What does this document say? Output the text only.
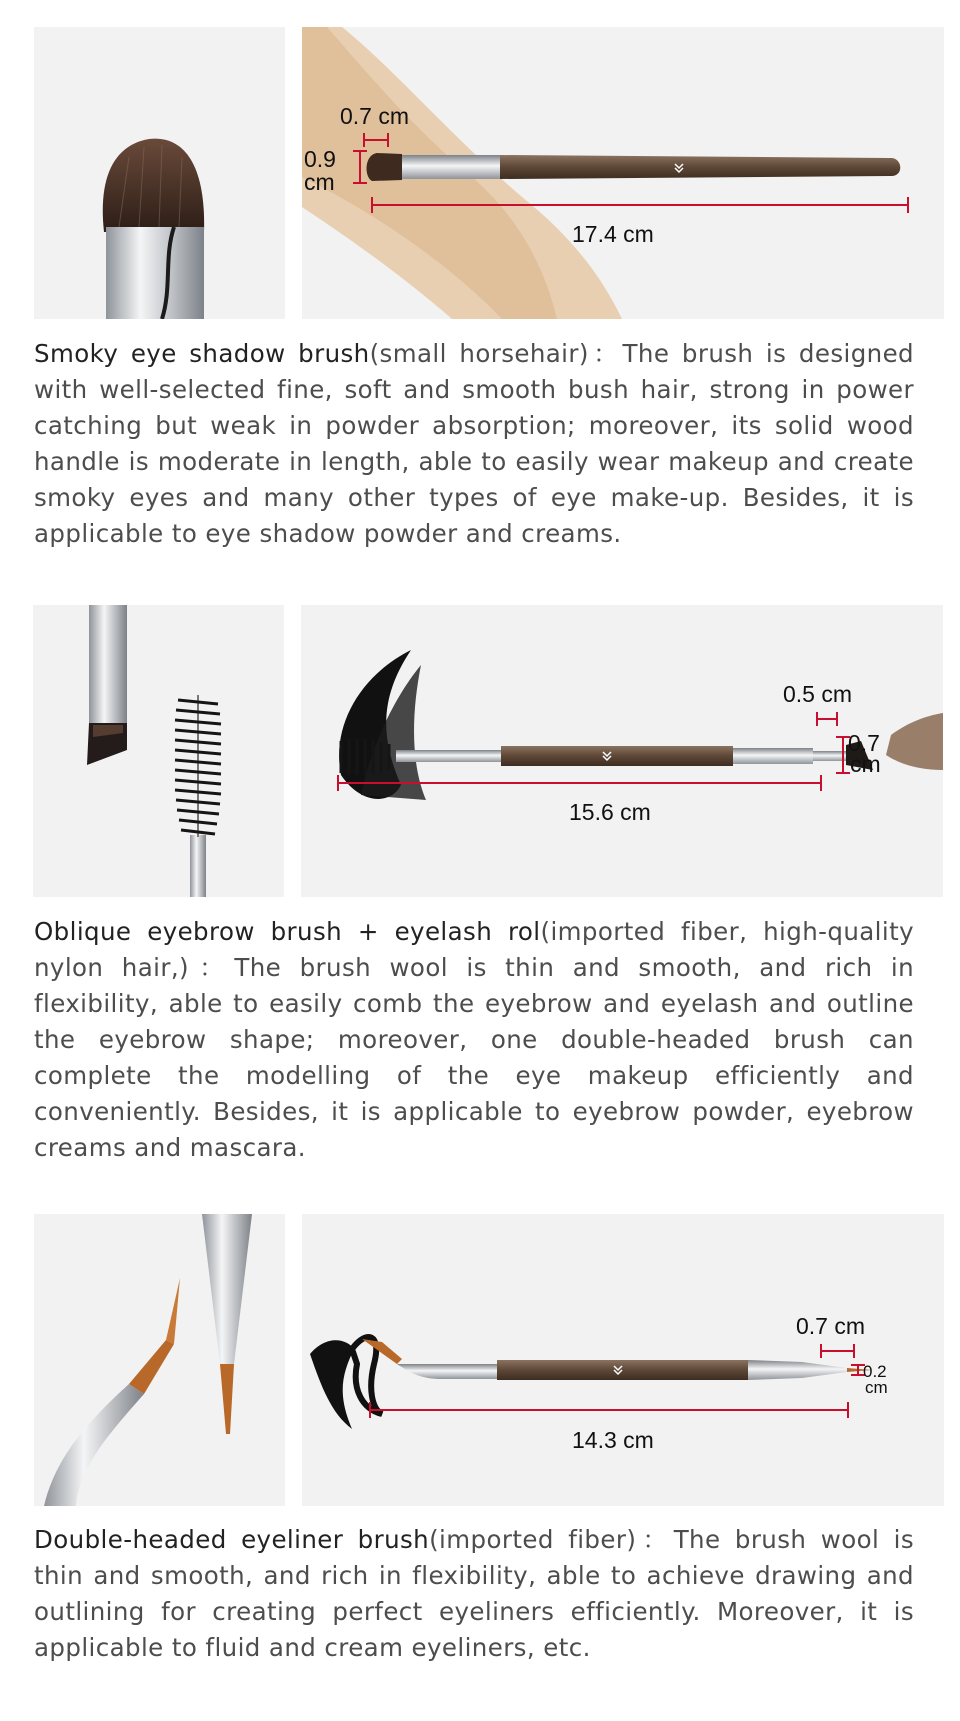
0.7 cm
0.9
cm
17.4 cm
Smoky eye shadow brush(small horsehair)：The brush is designed with well-selected fine, soft and smooth bush hair, strong in power catching but weak in powder absorption; moreover, its solid wood handle is moderate in length, able to easily wear makeup and create smoky eyes and many other types of eye make-up. Besides, it is applicable to eye shadow powder and creams.
0.5 cm
0.7
cm
15.6 cm
Oblique eyebrow brush + eyelash rol(imported fiber, high-quality nylon hair,)：The brush wool is thin and smooth, and rich in flexibility, able to easily comb the eyebrow and eyelash and outline the eyebrow shape; moreover, one double-headed brush can complete the modelling of the eye makeup efficiently and conveniently. Besides, it is applicable to eyebrow powder, eyebrow creams and mascara.
0.7 cm
0.2
cm
14.3 cm
Double-headed eyeliner brush(imported fiber)：The brush wool is thin and smooth, and rich in flexibility, able to achieve drawing and outlining for creating perfect eyeliners efficiently. Moreover, it is applicable to fluid and cream eyeliners, etc.
